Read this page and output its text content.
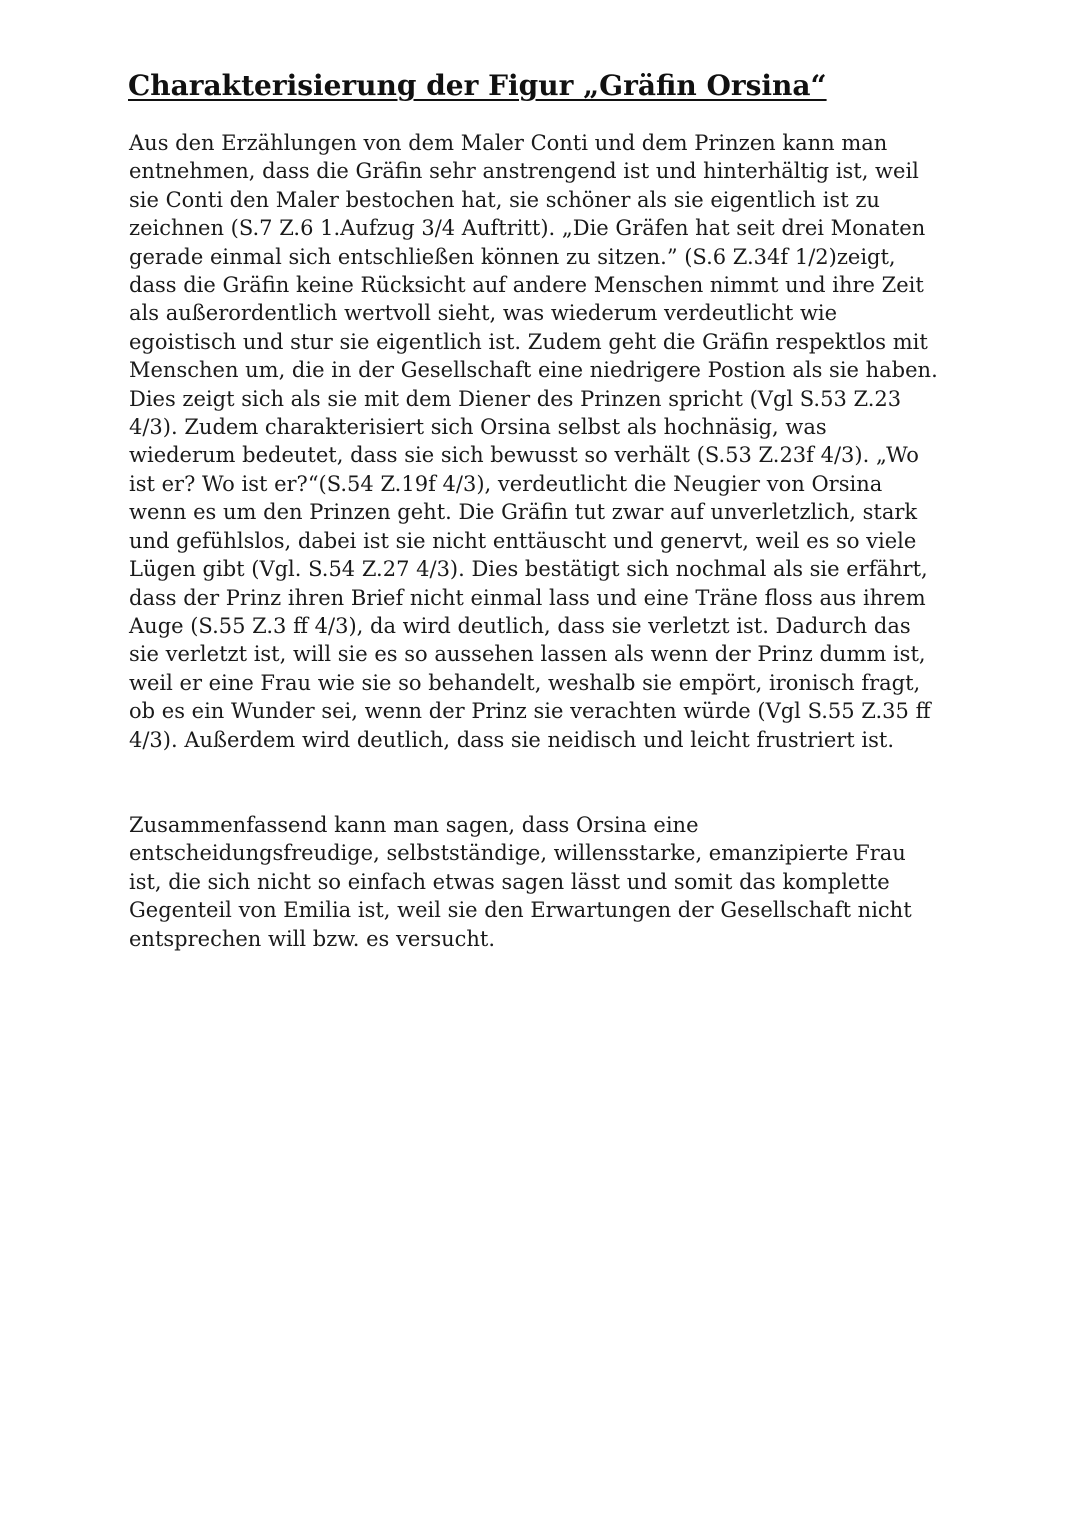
Charakterisierung der Figur „Gräfin Orsina“

Aus den Erzählungen von dem Maler Conti und dem Prinzen kann man
entnehmen, dass die Gräfin sehr anstrengend ist und hinterhältig ist, weil
sie Conti den Maler bestochen hat, sie schöner als sie eigentlich ist zu
zeichnen (S.7 Z.6 1.Aufzug 3/4 Auftritt). „Die Gräfen hat seit drei Monaten
gerade einmal sich entschließen können zu sitzen.” (S.6 Z.34f 1/2)zeigt,
dass die Gräfin keine Rücksicht auf andere Menschen nimmt und ihre Zeit
als außerordentlich wertvoll sieht, was wiederum verdeutlicht wie
egoistisch und stur sie eigentlich ist. Zudem geht die Gräfin respektlos mit
Menschen um, die in der Gesellschaft eine niedrigere Postion als sie haben.
Dies zeigt sich als sie mit dem Diener des Prinzen spricht (Vgl S.53 Z.23
4/3). Zudem charakterisiert sich Orsina selbst als hochnäsig, was
wiederum bedeutet, dass sie sich bewusst so verhält (S.53 Z.23f 4/3). „Wo
ist er? Wo ist er?“(S.54 Z.19f 4/3), verdeutlicht die Neugier von Orsina
wenn es um den Prinzen geht. Die Gräfin tut zwar auf unverletzlich, stark
und gefühlslos, dabei ist sie nicht enttäuscht und genervt, weil es so viele
Lügen gibt (Vgl. S.54 Z.27 4/3). Dies bestätigt sich nochmal als sie erfährt,
dass der Prinz ihren Brief nicht einmal lass und eine Träne floss aus ihrem
Auge (S.55 Z.3 ff 4/3), da wird deutlich, dass sie verletzt ist. Dadurch das
sie verletzt ist, will sie es so aussehen lassen als wenn der Prinz dumm ist,
weil er eine Frau wie sie so behandelt, weshalb sie empört, ironisch fragt,
ob es ein Wunder sei, wenn der Prinz sie verachten würde (Vgl S.55 Z.35 ff
4/3). Außerdem wird deutlich, dass sie neidisch und leicht frustriert ist.

Zusammenfassend kann man sagen, dass Orsina eine
entscheidungsfreudige, selbstständige, willensstarke, emanzipierte Frau
ist, die sich nicht so einfach etwas sagen lässt und somit das komplette
Gegenteil von Emilia ist, weil sie den Erwartungen der Gesellschaft nicht
entsprechen will bzw. es versucht.
